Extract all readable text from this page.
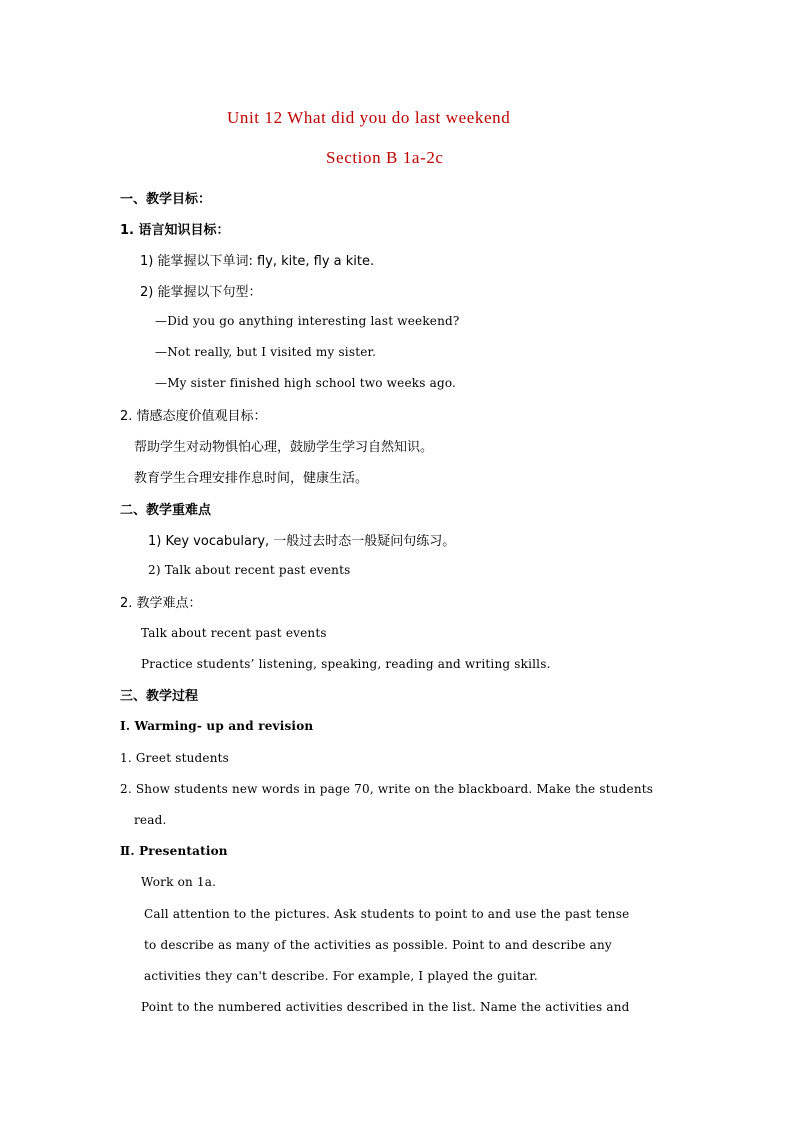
Unit 12 What did you do last weekend
Section B 1a-2c
一、教学目标：
1. 语言知识目标：
1) 能掌握以下单词: fly, kite, fly a kite.
2) 能掌握以下句型：
—Did you go anything interesting last weekend?
—Not really, but I visited my sister.
—My sister finished high school two weeks ago.
2. 情感态度价值观目标：
帮助学生对动物惧怕心理，鼓励学生学习自然知识。
教育学生合理安排作息时间，健康生活。
二、教学重难点
1) Key vocabulary, 一般过去时态一般疑问句练习。
2) Talk about recent past events
2. 教学难点：
Talk about recent past events
Practice students’ listening, speaking, reading and writing skills.
三、教学过程
Ⅰ. Warming- up and revision
1. Greet students
2. Show students new words in page 70, write on the blackboard. Make the students
read.
Ⅱ. Presentation
Work on 1a.
Call attention to the pictures. Ask students to point to and use the past tense
to describe as many of the activities as possible. Point to and describe any
activities they can't describe. For example, I played the guitar.
Point to the numbered activities described in the list. Name the activities and
